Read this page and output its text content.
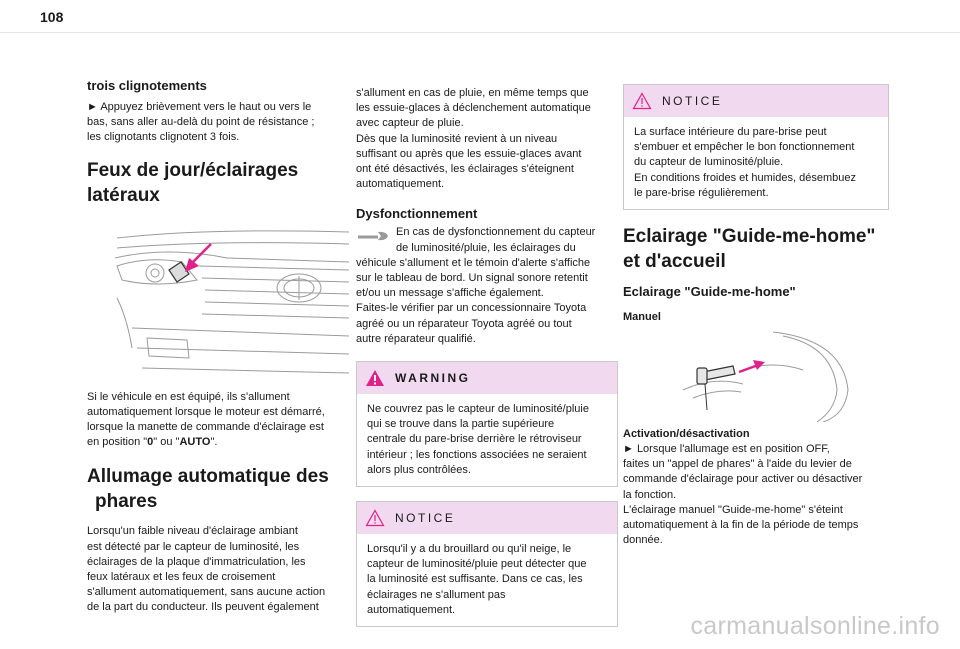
108
trois clignotements
► Appuyez brièvement vers le haut ou vers le
bas, sans aller au-delà du point de résistance ;
les clignotants clignotent 3 fois.
Feux de jour/éclairages
latéraux
Si le véhicule en est équipé, ils s'allument
automatiquement lorsque le moteur est démarré,
lorsque la manette de commande d'éclairage est
en position "0" ou "AUTO".
Allumage automatique des
phares
Lorsqu'un faible niveau d'éclairage ambiant
est détecté par le capteur de luminosité, les
éclairages de la plaque d'immatriculation, les
feux latéraux et les feux de croisement
s'allument automatiquement, sans aucune action
de la part du conducteur. Ils peuvent également
s'allument en cas de pluie, en même temps que
les essuie-glaces à déclenchement automatique
avec capteur de pluie.
Dès que la luminosité revient à un niveau
suffisant ou après que les essuie-glaces avant
ont été désactivés, les éclairages s'éteignent
automatiquement.
Dysfonctionnement
En cas de dysfonctionnement du capteur
de luminosité/pluie, les éclairages du
véhicule s'allument et le témoin d'alerte s'affiche
sur le tableau de bord. Un signal sonore retentit
et/ou un message s'affiche également.
Faites-le vérifier par un concessionnaire Toyota
agréé ou un réparateur Toyota agréé ou tout
autre réparateur qualifié.
WARNING
Ne couvrez pas le capteur de luminosité/pluie
qui se trouve dans la partie supérieure
centrale du pare-brise derrière le rétroviseur
intérieur ; les fonctions associées ne seraient
alors plus contrôlées.
NOTICE
Lorsqu'il y a du brouillard ou qu'il neige, le
capteur de luminosité/pluie peut détecter que
la luminosité est suffisante. Dans ce cas, les
éclairages ne s'allument pas
automatiquement.
NOTICE
La surface intérieure du pare-brise peut
s'embuer et empêcher le bon fonctionnement
du capteur de luminosité/pluie.
En conditions froides et humides, désembuez
le pare-brise régulièrement.
Eclairage "Guide-me-home"
et d'accueil
Eclairage "Guide-me-home"
Manuel
Activation/désactivation
► Lorsque l'allumage est en position OFF,
faites un "appel de phares" à l'aide du levier de
commande d'éclairage pour activer ou désactiver
la fonction.
L'éclairage manuel "Guide-me-home" s'éteint
automatiquement à la fin de la période de temps
donnée.
carmanualsonline.info
